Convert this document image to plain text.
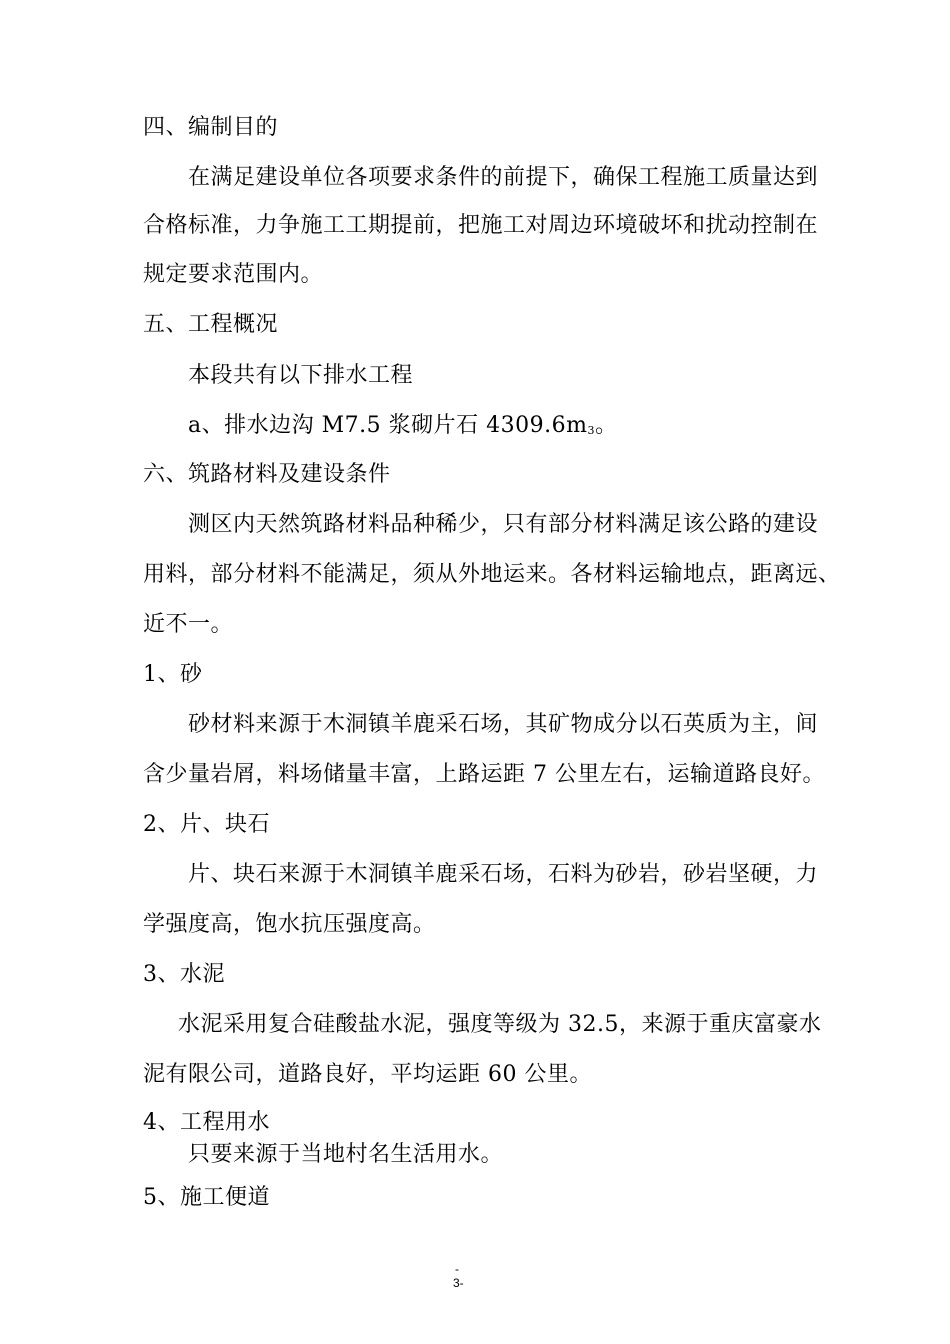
四、编制目的
在满足建设单位各项要求条件的前提下，确保工程施工质量达到
合格标准，力争施工工期提前，把施工对周边环境破坏和扰动控制在
规定要求范围内。
五、工程概况
本段共有以下排水工程
a、排水边沟 M7.5 浆砌片石 4309.6m3。
六、筑路材料及建设条件
测区内天然筑路材料品种稀少，只有部分材料满足该公路的建设
用料，部分材料不能满足，须从外地运来。各材料运输地点，距离远、
近不一。
1、砂
砂材料来源于木洞镇羊鹿采石场，其矿物成分以石英质为主，间
含少量岩屑，料场储量丰富，上路运距 7 公里左右，运输道路良好。
2、片、块石
片、块石来源于木洞镇羊鹿采石场，石料为砂岩，砂岩坚硬，力
学强度高，饱水抗压强度高。
3、水泥
水泥采用复合硅酸盐水泥，强度等级为 32.5，来源于重庆富豪水
泥有限公司，道路良好，平均运距 60 公里。
4、工程用水
只要来源于当地村名生活用水。
5、施工便道
-
3-
